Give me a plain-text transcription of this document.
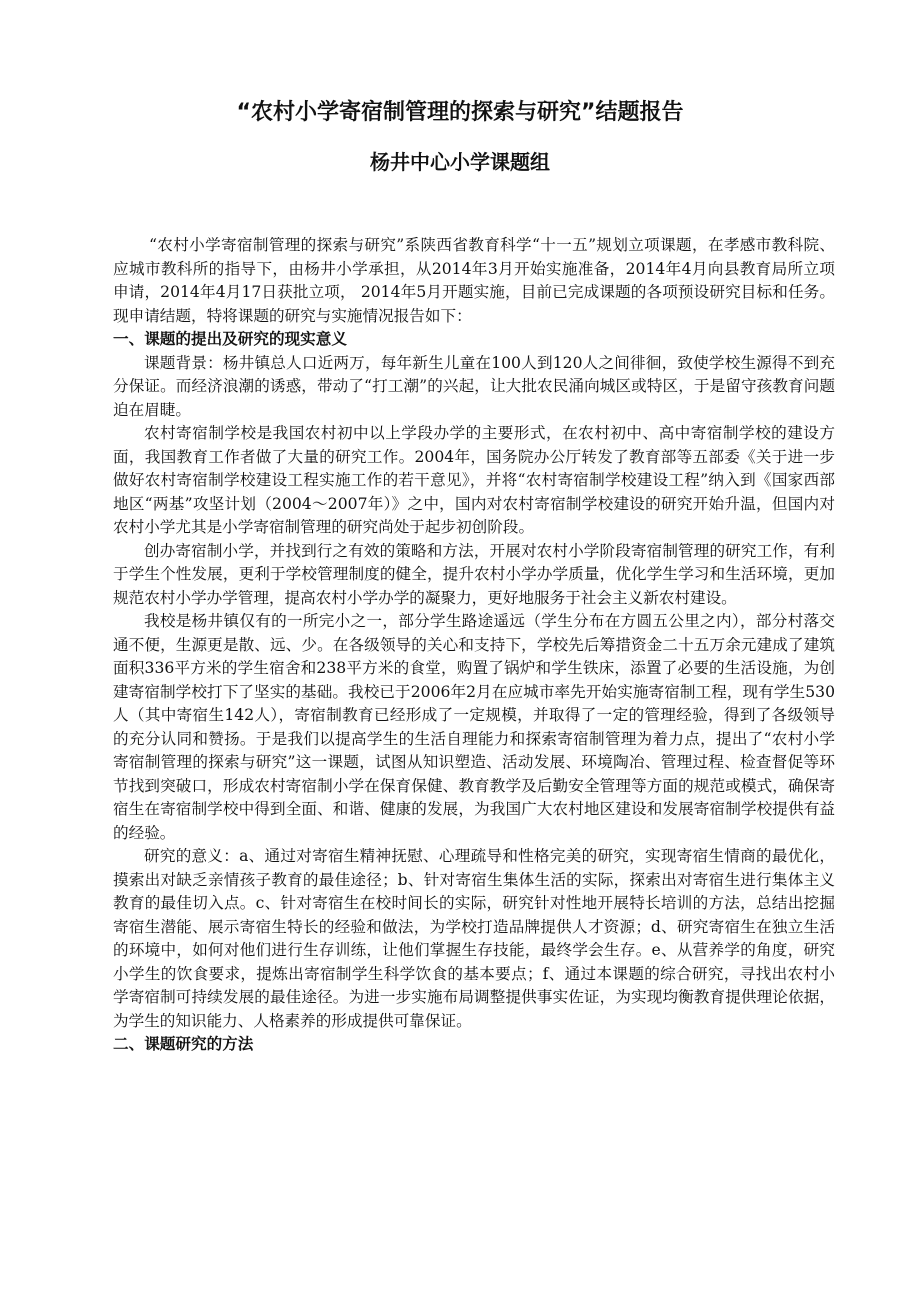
“农村小学寄宿制管理的探索与研究”结题报告
杨井中心小学课题组

“农村小学寄宿制管理的探索与研究”系陕西省教育科学“十一五”规划立项课题，在孝感市教科院、应城市教科所的指导下，由杨井小学承担，从2014年3月开始实施准备，2014年4月向县教育局所立项申请，2014年4月17日获批立项， 2014年5月开题实施，目前已完成课题的各项预设研究目标和任务。现申请结题，特将课题的研究与实施情况报告如下：

一、课题的提出及研究的现实意义

课题背景：杨井镇总人口近两万，每年新生儿童在100人到120人之间徘徊，致使学校生源得不到充分保证。而经济浪潮的诱惑，带动了“打工潮”的兴起，让大批农民涌向城区或特区，于是留守孩教育问题迫在眉睫。

农村寄宿制学校是我国农村初中以上学段办学的主要形式，在农村初中、高中寄宿制学校的建设方面，我国教育工作者做了大量的研究工作。2004年，国务院办公厅转发了教育部等五部委《关于进一步做好农村寄宿制学校建设工程实施工作的若干意见》，并将“农村寄宿制学校建设工程”纳入到《国家西部地区“两基”攻坚计划（2004～2007年）》之中，国内对农村寄宿制学校建设的研究开始升温，但国内对农村小学尤其是小学寄宿制管理的研究尚处于起步初创阶段。

创办寄宿制小学，并找到行之有效的策略和方法，开展对农村小学阶段寄宿制管理的研究工作，有利于学生个性发展，更利于学校管理制度的健全，提升农村小学办学质量，优化学生学习和生活环境，更加规范农村小学办学管理，提高农村小学办学的凝聚力，更好地服务于社会主义新农村建设。

我校是杨井镇仅有的一所完小之一，部分学生路途遥远（学生分布在方圆五公里之内），部分村落交通不便，生源更是散、远、少。在各级领导的关心和支持下，学校先后筹措资金二十五万余元建成了建筑面积336平方米的学生宿舍和238平方米的食堂，购置了锅炉和学生铁床，添置了必要的生活设施，为创建寄宿制学校打下了坚实的基础。我校已于2006年2月在应城市率先开始实施寄宿制工程，现有学生530人（其中寄宿生142人），寄宿制教育已经形成了一定规模，并取得了一定的管理经验，得到了各级领导的充分认同和赞扬。于是我们以提高学生的生活自理能力和探索寄宿制管理为着力点，提出了“农村小学寄宿制管理的探索与研究”这一课题，试图从知识塑造、活动发展、环境陶冶、管理过程、检查督促等环节找到突破口，形成农村寄宿制小学在保育保健、教育教学及后勤安全管理等方面的规范或模式，确保寄宿生在寄宿制学校中得到全面、和谐、健康的发展，为我国广大农村地区建设和发展寄宿制学校提供有益的经验。

研究的意义：a、通过对寄宿生精神抚慰、心理疏导和性格完美的研究，实现寄宿生情商的最优化，摸索出对缺乏亲情孩子教育的最佳途径；b、针对寄宿生集体生活的实际，探索出对寄宿生进行集体主义教育的最佳切入点。c、针对寄宿生在校时间长的实际，研究针对性地开展特长培训的方法，总结出挖掘寄宿生潜能、展示寄宿生特长的经验和做法，为学校打造品牌提供人才资源；d、研究寄宿生在独立生活的环境中，如何对他们进行生存训练，让他们掌握生存技能，最终学会生存。e、从营养学的角度，研究小学生的饮食要求，提炼出寄宿制学生科学饮食的基本要点；f、通过本课题的综合研究，寻找出农村小学寄宿制可持续发展的最佳途径。为进一步实施布局调整提供事实佐证，为实现均衡教育提供理论依据，为学生的知识能力、人格素养的形成提供可靠保证。

二、课题研究的方法
